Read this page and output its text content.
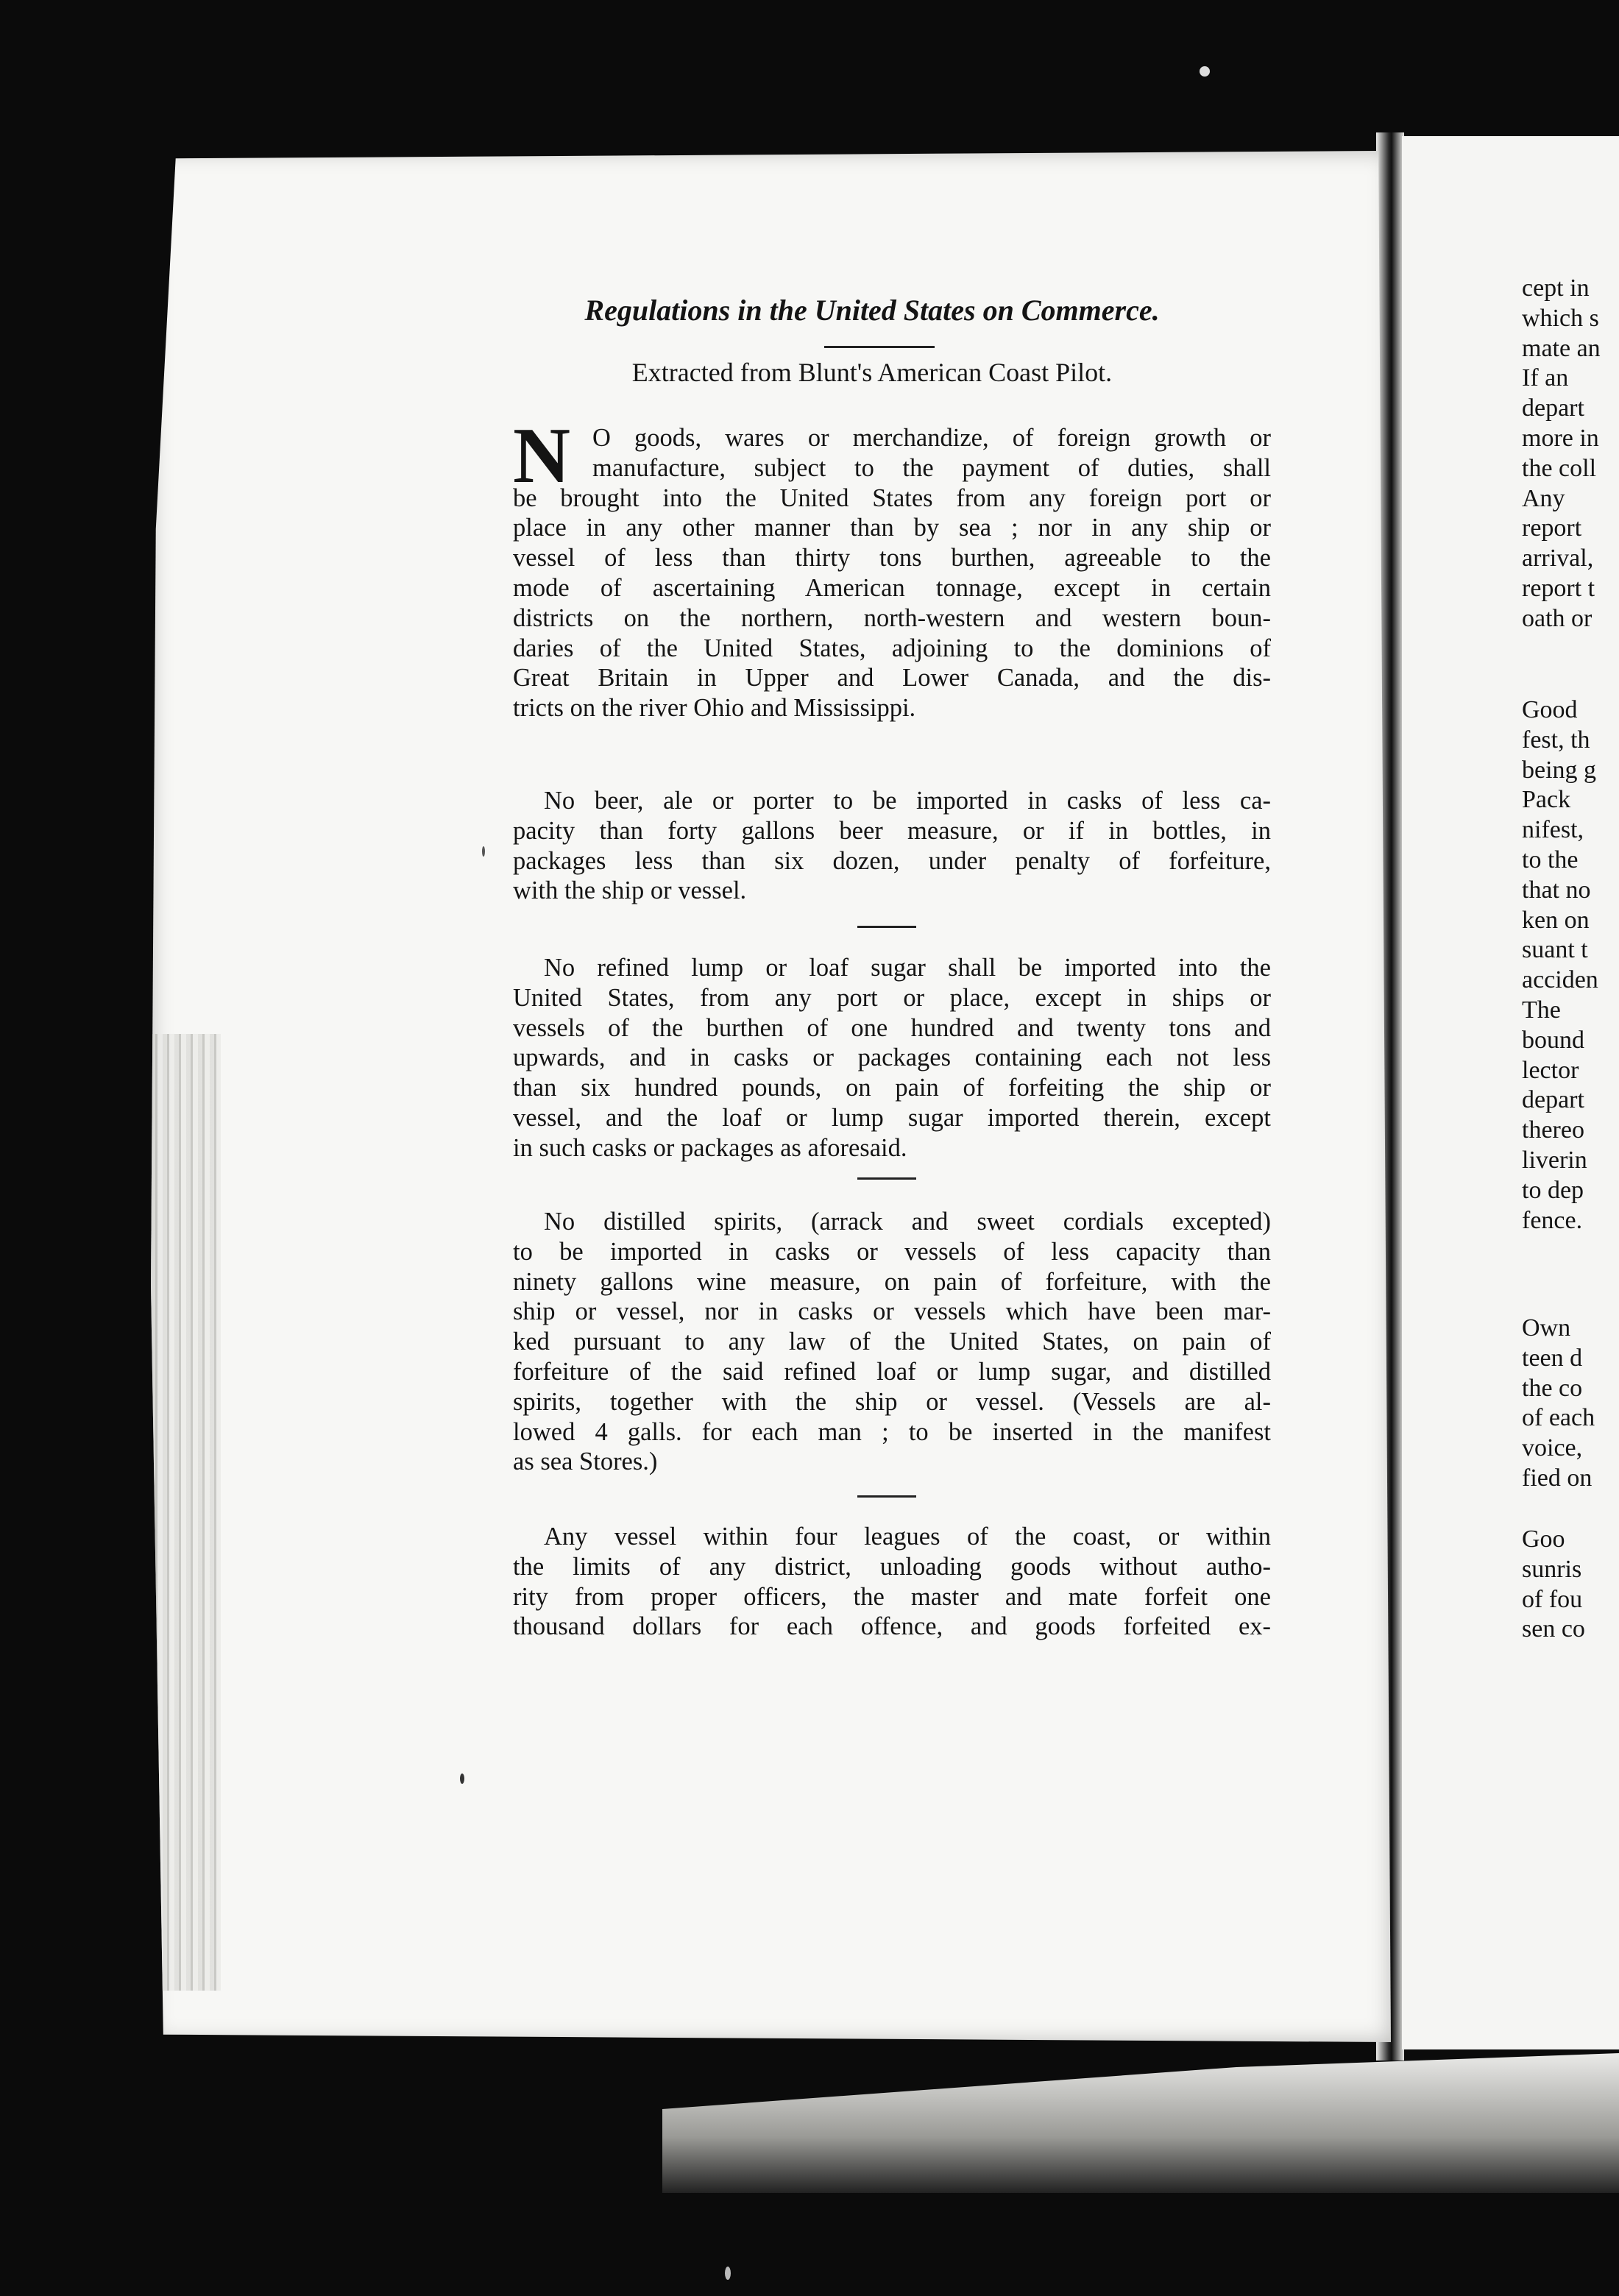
Regulations in the United States on Commerce.
Extracted from Blunt's American Coast Pilot.
N O goods, wares or merchandize, of foreign growth or
manufacture, subject to the payment of duties, shall
be brought into the United States from any foreign port or
place in any other manner than by sea ; nor in any ship or
vessel of less than thirty tons burthen, agreeable to the
mode of ascertaining American tonnage, except in certain
districts on the northern, north-western and western boun-
daries of the United States, adjoining to the dominions of
Great Britain in Upper and Lower Canada, and the dis-
tricts on the river Ohio and Mississippi.
No beer, ale or porter to be imported in casks of less ca-
pacity than forty gallons beer measure, or if in bottles, in
packages less than six dozen, under penalty of forfeiture,
with the ship or vessel.
No refined lump or loaf sugar shall be imported into the
United States, from any port or place, except in ships or
vessels of the burthen of one hundred and twenty tons and
upwards, and in casks or packages containing each not less
than six hundred pounds, on pain of forfeiting the ship or
vessel, and the loaf or lump sugar imported therein, except
in such casks or packages as aforesaid.
No distilled spirits, (arrack and sweet cordials excepted)
to be imported in casks or vessels of less capacity than
ninety gallons wine measure, on pain of forfeiture, with the
ship or vessel, nor in casks or vessels which have been mar-
ked pursuant to any law of the United States, on pain of
forfeiture of the said refined loaf or lump sugar, and distilled
spirits, together with the ship or vessel. (Vessels are al-
lowed 4 galls. for each man ; to be inserted in the manifest
as sea Stores.)
Any vessel within four leagues of the coast, or within
the limits of any district, unloading goods without autho-
rity from proper officers, the master and mate forfeit one
thousand dollars for each offence, and goods forfeited ex-
cept in
which s
mate an
If an
depart
more in
the coll
Any
report
arrival,
report t
oath or
Good
fest, th
being g
Pack
nifest,
to the
that no
ken on
suant t
acciden
The
bound
lector
depart
thereo
liverin
to dep
fence.
Own
teen d
the co
of each
voice,
fied on
Goo
sunris
of fou
sen co
